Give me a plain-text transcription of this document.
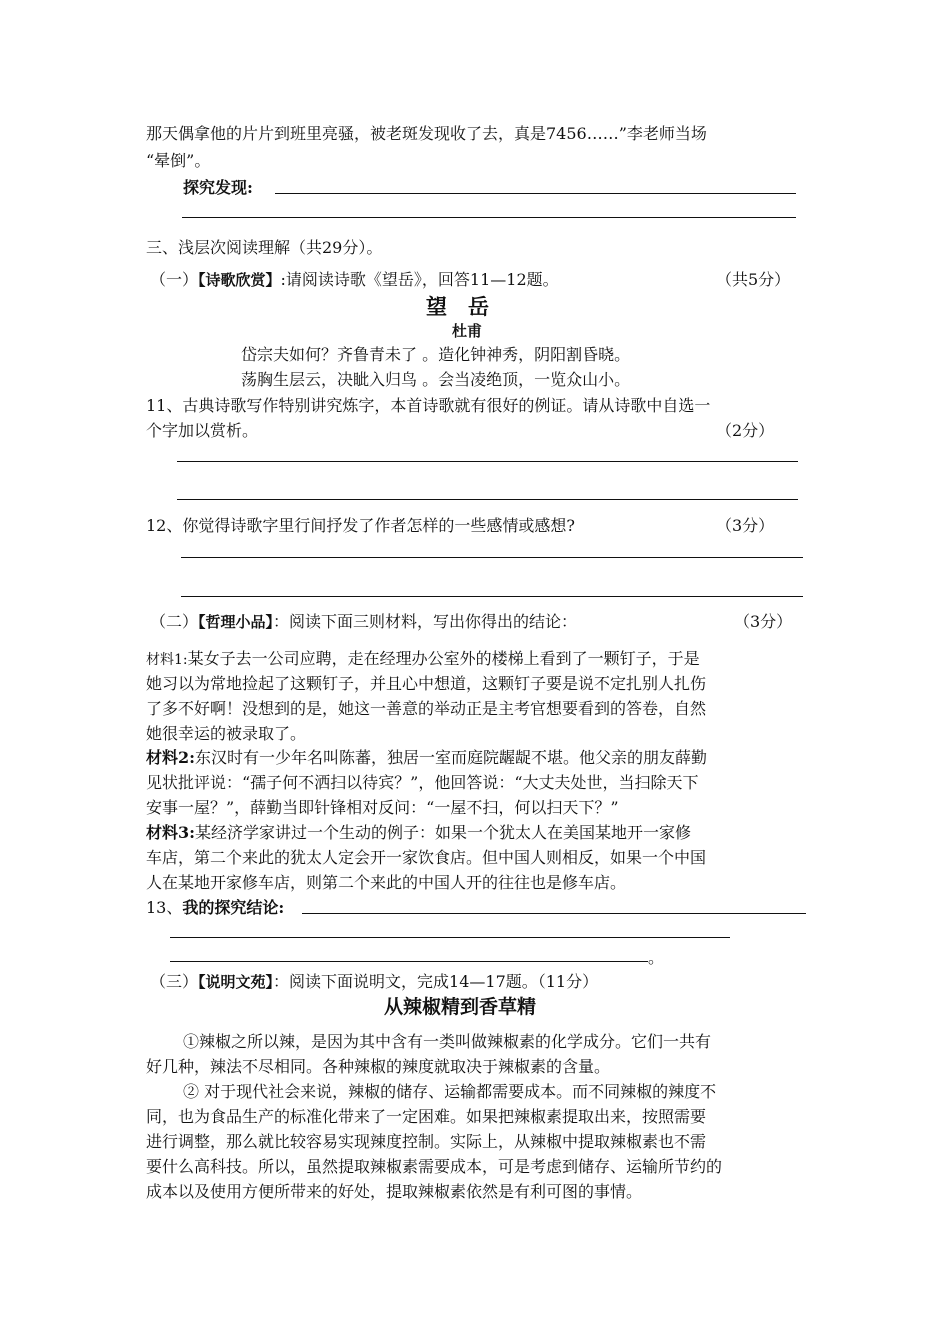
那天偶拿他的片片到班里亮骚，被老斑发现收了去，真是7456……”李老师当场
“晕倒”。
探究发现:
三、浅层次阅读理解（共29分）。
（一）【诗歌欣赏】:请阅读诗歌《望岳》，回答11—12题。	（共5分）
望　岳
杜甫
岱宗夫如何？齐鲁青未了 。造化钟神秀，阴阳割昏晓。
荡胸生层云，决眦入归鸟 。会当凌绝顶，一览众山小。
11、古典诗歌写作特别讲究炼字，本首诗歌就有很好的例证。请从诗歌中自选一
个字加以赏析。	（2分）
12、你觉得诗歌字里行间抒发了作者怎样的一些感情或感想?	（3分）
（二）【哲理小品】：阅读下面三则材料，写出你得出的结论：	（3分）
材料1:某女子去一公司应聘，走在经理办公室外的楼梯上看到了一颗钉子，于是
她习以为常地捡起了这颗钉子，并且心中想道，这颗钉子要是说不定扎别人扎伤
了多不好啊！没想到的是，她这一善意的举动正是主考官想要看到的答卷，自然
她很幸运的被录取了。
材料2:东汉时有一少年名叫陈蕃，独居一室而庭院龌龊不堪。他父亲的朋友薛勤
见状批评说：“孺子何不洒扫以待宾？”，他回答说：“大丈夫处世，当扫除天下
安事一屋？”，薛勤当即针锋相对反问：“一屋不扫，何以扫天下？”
材料3:某经济学家讲过一个生动的例子：如果一个犹太人在美国某地开一家修
车店，第二个来此的犹太人定会开一家饮食店。但中国人则相反，如果一个中国
人在某地开家修车店，则第二个来此的中国人开的往往也是修车店。
13、我的探究结论:
。
（三）【说明文苑】：阅读下面说明文，完成14—17题。（11分）
从辣椒精到香草精
①辣椒之所以辣，是因为其中含有一类叫做辣椒素的化学成分。它们一共有
好几种，辣法不尽相同。各种辣椒的辣度就取决于辣椒素的含量。
② 对于现代社会来说，辣椒的储存、运输都需要成本。而不同辣椒的辣度不
同，也为食品生产的标准化带来了一定困难。如果把辣椒素提取出来，按照需要
进行调整，那么就比较容易实现辣度控制。实际上，从辣椒中提取辣椒素也不需
要什么高科技。所以，虽然提取辣椒素需要成本，可是考虑到储存、运输所节约的
成本以及使用方便所带来的好处，提取辣椒素依然是有利可图的事情。
